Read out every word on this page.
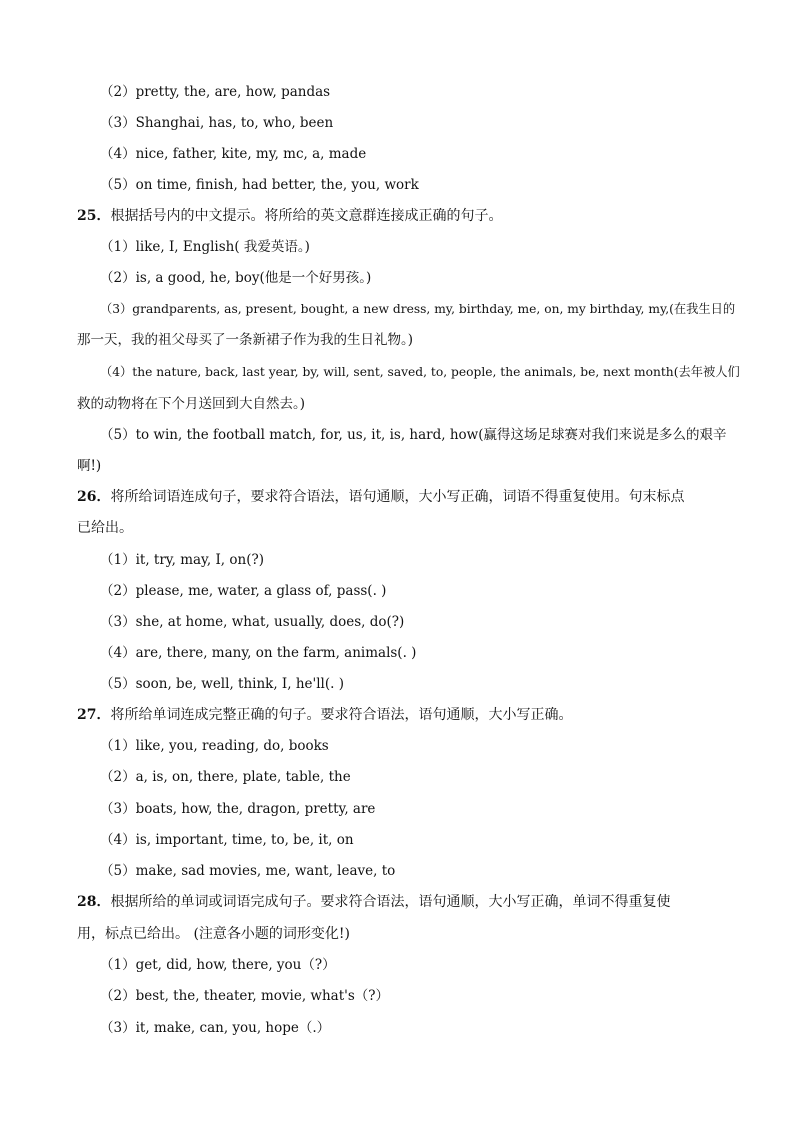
（2）pretty, the, are, how, pandas
（3）Shanghai, has, to, who, been
（4）nice, father, kite, my, mc, a, made
（5）on time, finish, had better, the, you, work
25．根据括号内的中文提示。将所给的英文意群连接成正确的句子。
（1）like, I, English( 我爱英语。)
（2）is, a good, he, boy(他是一个好男孩。)
（3）grandparents, as, present, bought, a new dress, my, birthday, me, on, my birthday, my,(在我生日的
那一天，我的祖父母买了一条新裙子作为我的生日礼物。)
（4）the nature, back, last year, by, will, sent, saved, to, people, the animals, be, next month(去年被人们
救的动物将在下个月送回到大自然去。)
（5）to win, the football match, for, us, it, is, hard, how(赢得这场足球赛对我们来说是多么的艰辛
啊!)
26．将所给词语连成句子，要求符合语法，语句通顺，大小写正确，词语不得重复使用。句末标点
已给出。
（1）it, try, may, I, on(?)
（2）please, me, water, a glass of, pass(. )
（3）she, at home, what, usually, does, do(?)
（4）are, there, many, on the farm, animals(. )
（5）soon, be, well, think, I, he'll(. )
27．将所给单词连成完整正确的句子。要求符合语法，语句通顺，大小写正确。
（1）like, you, reading, do, books
（2）a, is, on, there, plate, table, the
（3）boats, how, the, dragon, pretty, are
（4）is, important, time, to, be, it, on
（5）make, sad movies, me, want, leave, to
28．根据所给的单词或词语完成句子。要求符合语法，语句通顺，大小写正确，单词不得重复使
用，标点已给出。 (注意各小题的词形变化!)
（1）get, did, how, there, you（?）
（2）best, the, theater, movie, what's（?）
（3）it, make, can, you, hope（.）
